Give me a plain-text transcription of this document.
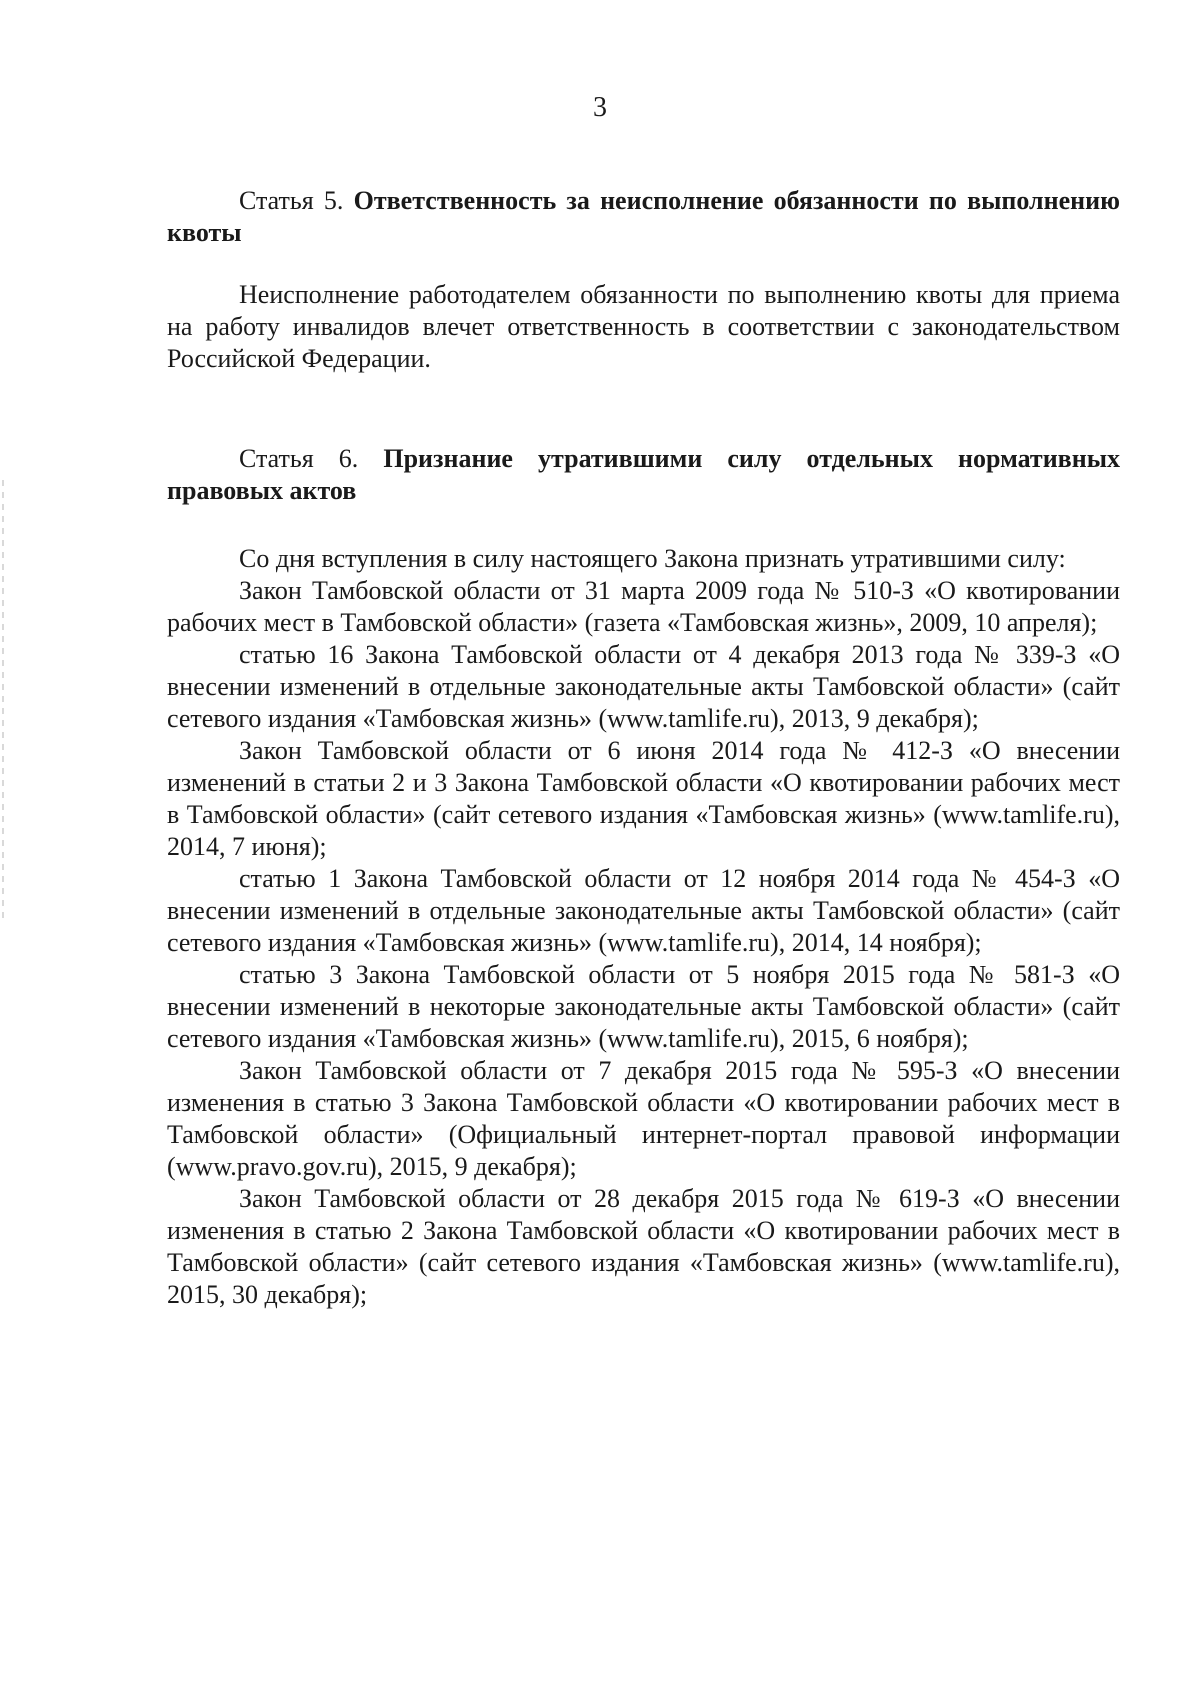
3

Статья 5. Ответственность за неисполнение обязанности по выполнению квоты

Неисполнение работодателем обязанности по выполнению квоты для приема на работу инвалидов влечет ответственность в соответствии с законодательством Российской Федерации.

Статья 6. Признание утратившими силу отдельных нормативных правовых актов

Со дня вступления в силу настоящего Закона признать утратившими силу:

Закон Тамбовской области от 31 марта 2009 года № 510-З «О квотировании рабочих мест в Тамбовской области» (газета «Тамбовская жизнь», 2009, 10 апреля);
статью 16 Закона Тамбовской области от 4 декабря 2013 года № 339-З «О внесении изменений в отдельные законодательные акты Тамбовской области» (сайт сетевого издания «Тамбовская жизнь» (www.tamlife.ru), 2013, 9 декабря);
Закон Тамбовской области от 6 июня 2014 года № 412-З «О внесении изменений в статьи 2 и 3 Закона Тамбовской области «О квотировании рабочих мест в Тамбовской области» (сайт сетевого издания «Тамбовская жизнь» (www.tamlife.ru), 2014, 7 июня);
статью 1 Закона Тамбовской области от 12 ноября 2014 года № 454-З «О внесении изменений в отдельные законодательные акты Тамбовской области» (сайт сетевого издания «Тамбовская жизнь» (www.tamlife.ru), 2014, 14 ноября);
статью 3 Закона Тамбовской области от 5 ноября 2015 года № 581-З «О внесении изменений в некоторые законодательные акты Тамбовской области» (сайт сетевого издания «Тамбовская жизнь» (www.tamlife.ru), 2015, 6 ноября);
Закон Тамбовской области от 7 декабря 2015 года № 595-З «О внесении изменения в статью 3 Закона Тамбовской области «О квотировании рабочих мест в Тамбовской области» (Официальный интернет-портал правовой информации (www.pravo.gov.ru), 2015, 9 декабря);
Закон Тамбовской области от 28 декабря 2015 года № 619-З «О внесении изменения в статью 2 Закона Тамбовской области «О квотировании рабочих мест в Тамбовской области» (сайт сетевого издания «Тамбовская жизнь» (www.tamlife.ru), 2015, 30 декабря);
